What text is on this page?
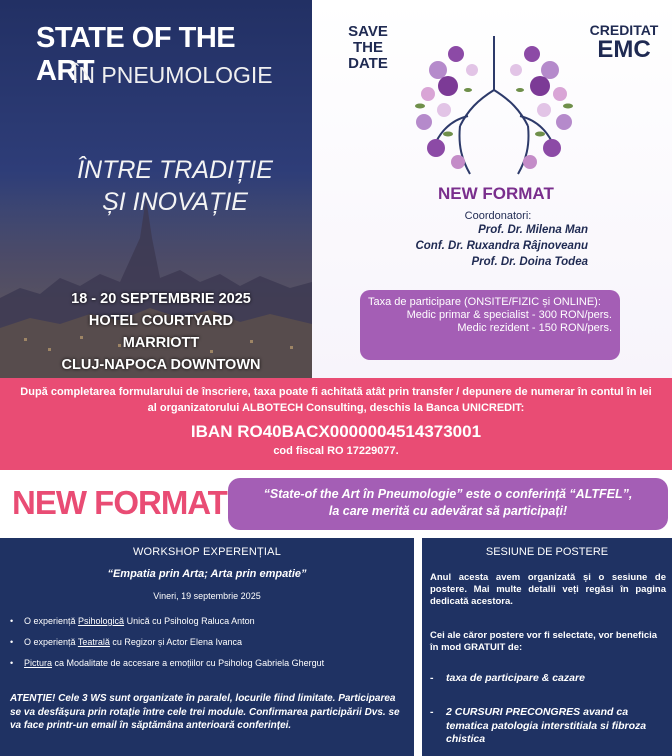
STATE OF THE ART
ÎN PNEUMOLOGIE
ÎNTRE TRADIȚIE
ȘI INOVAȚIE
18 - 20 SEPTEMBRIE 2025
HOTEL COURTYARD MARRIOTT
CLUJ-NAPOCA DOWNTOWN
SAVE THE
DATE
CREDITAT
EMC
NEW FORMAT
Coordonatori:
Prof. Dr. Milena Man
Conf. Dr. Ruxandra Râjnoveanu
Prof. Dr. Doina Todea
Taxa de participare (ONSITE/FIZIC și ONLINE):
Medic primar & specialist - 300 RON/pers.
Medic rezident - 150 RON/pers.
După completarea formularului de înscriere, taxa poate fi achitată atât prin transfer / depunere de numerar în contul în lei al organizatorului ALBOTECH Consulting, deschis la Banca UNICREDIT:
IBAN RO40BACX0000004514373001
cod fiscal RO 17229077.
NEW FORMAT	“State-of the Art în Pneumologie” este o conferință “ALTFEL”,
la care merită cu adevărat să participați!
WORKSHOP EXPERENȚIAL
“Empatia prin Arta; Arta prin empatie”
Vineri, 19 septembrie 2025
• O experiență Psihologică Unică cu Psiholog Raluca Anton
• O experiență Teatrală cu Regizor și Actor Elena Ivanca
• Pictura ca Modalitate de accesare a emoțiilor cu Psiholog Gabriela Ghergut
ATENȚIE! Cele 3 WS sunt organizate în paralel, locurile fiind limitate. Participarea se va desfășura prin rotație între cele trei module. Confirmarea participării Dvs. se va face printr-un email în săptămâna anterioară conferinței.
SESIUNE DE POSTERE
Anul acesta avem organizată și o sesiune de postere. Mai multe detalii veți regăsi în pagina dedicată acestora.
Cei ale căror postere vor fi selectate, vor beneficia în mod GRATUIT de:
- taxa de participare & cazare
- 2 CURSURI PRECONGRES avand ca tematica patologia interstitiala si fibroza chistica
